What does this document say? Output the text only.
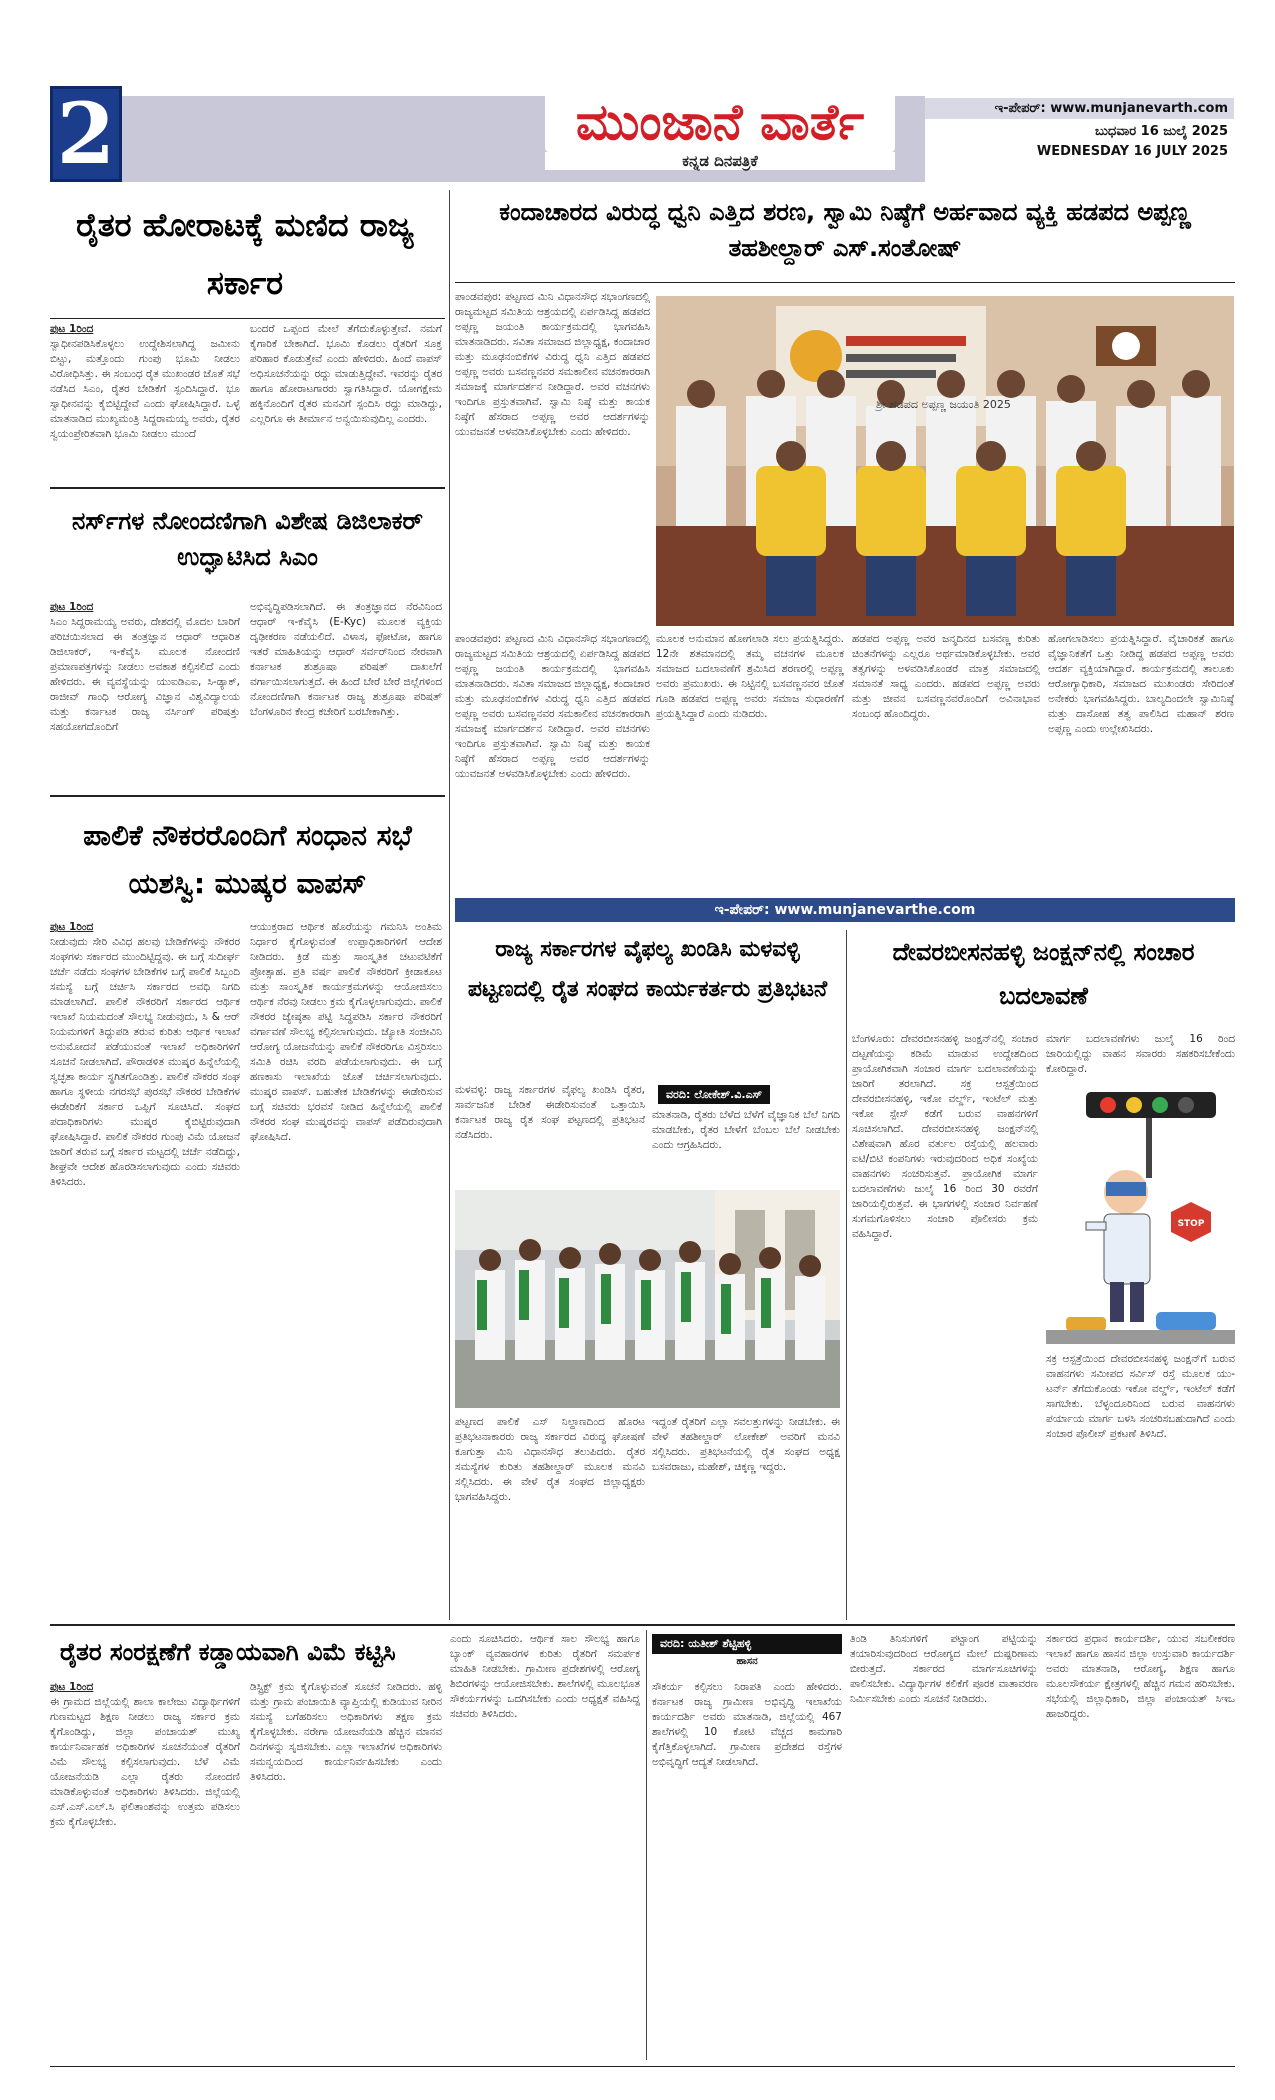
2	ಮುಂಜಾನೆ ವಾರ್ತೆ
ಕನ್ನಡ ದಿನಪತ್ರಿಕೆ
ಇ-ಪೇಪರ್: www.munjanevarth.com
ಬುಧವಾರ 16 ಜುಲೈ 2025
WEDNESDAY 16 JULY 2025
ರೈತರ ಹೋರಾಟಕ್ಕೆ ಮಣಿದ ರಾಜ್ಯ ಸರ್ಕಾರ
ಪುಟ 1ರಿಂದ
ಸ್ವಾಧೀನಪಡಿಸಿಕೊಳ್ಳಲು ಉದ್ದೇಶಿಸಲಾಗಿದ್ದ ಜಮೀನು ಬಿಟ್ಟು, ಮತ್ತೊಂದು ಗುಂಪು ಭೂಮಿ ನೀಡಲು ವಿರೋಧಿಸಿತ್ತು. ಈ ಸಂಬಂಧ ರೈತ ಮುಖಂಡರ ಜೊತೆ ಸಭೆ ನಡೆಸಿದ ಸಿಎಂ, ರೈತರ ಬೇಡಿಕೆಗೆ ಸ್ಪಂದಿಸಿದ್ದಾರೆ. ಭೂ ಸ್ವಾಧೀನವನ್ನು ಕೈಬಿಟ್ಟಿದ್ದೇವೆ ಎಂದು ಘೋಷಿಸಿದ್ದಾರೆ. ಒಳ್ಳೆ ಮಾತನಾಡಿದ ಮುಖ್ಯಮಂತ್ರಿ ಸಿದ್ದರಾಮಯ್ಯ ಅವರು, ರೈತರ ಸ್ವಯಂಪ್ರೇರಿತವಾಗಿ ಭೂಮಿ ನೀಡಲು ಮುಂದೆ
ಬಂದರೆ ಒಪ್ಪಂದ ಮೇಲೆ ತೆಗೆದುಕೊಳ್ಳುತ್ತೇವೆ. ನಮಗೆ ಕೈಗಾರಿಕೆ ಬೇಕಾಗಿದೆ. ಭೂಮಿ ಕೊಡಲು ರೈತರಿಗೆ ಸೂಕ್ತ ಪರಿಹಾರ ಕೊಡುತ್ತೇವೆ ಎಂದು ಹೇಳಿದರು. ಹಿಂದೆ ವಾಪಸ್ ಅಧಿಸೂಚನೆಯನ್ನು ರದ್ದು ಮಾಡುತ್ತಿದ್ದೇವೆ. ಇವರನ್ನು ರೈತರ ಹಾಗೂ ಹೋರಾಟಗಾರರು ಸ್ವಾಗತಿಸಿದ್ದಾರೆ. ಯೋಗಕ್ಷೇಮ ಹಕ್ಕಿನೊಂದಿಗೆ ರೈತರ ಮನವಿಗೆ ಸ್ಪಂದಿಸಿ ರದ್ದು ಮಾಡಿದ್ದು, ಎಲ್ಲರಿಗೂ ಈ ತೀರ್ಮಾನ ಅನ್ವಯಿಸುವುದಿಲ್ಲ ಎಂದರು.
ನರ್ಸ್‌ಗಳ ನೋಂದಣಿಗಾಗಿ ವಿಶೇಷ ಡಿಜಿಲಾಕರ್ ಉದ್ಘಾಟಿಸಿದ ಸಿಎಂ
ಪುಟ 1ರಿಂದ
ಸಿಎಂ ಸಿದ್ದರಾಮಯ್ಯ ಅವರು, ದೇಶದಲ್ಲಿ ಮೊದಲ ಬಾರಿಗೆ ಪರಿಚಯಿಸಲಾದ ಈ ತಂತ್ರಜ್ಞಾನ ಆಧಾರ್ ಆಧಾರಿತ ಡಿಜಿಲಾಕರ್, ಇ-ಕೆವೈಸಿ ಮೂಲಕ ನೋಂದಣಿ ಪ್ರಮಾಣಪತ್ರಗಳನ್ನು ನೀಡಲು ಅವಕಾಶ ಕಲ್ಪಿಸಲಿದೆ ಎಂದು ಹೇಳಿದರು. ಈ ವ್ಯವಸ್ಥೆಯನ್ನು ಯುಐಡಿಎಐ, ಸಿ-ಡ್ಯಾಕ್, ರಾಜೀವ್ ಗಾಂಧಿ ಆರೋಗ್ಯ ವಿಜ್ಞಾನ ವಿಶ್ವವಿದ್ಯಾಲಯ ಮತ್ತು ಕರ್ನಾಟಕ ರಾಜ್ಯ ನರ್ಸಿಂಗ್ ಪರಿಷತ್ತು ಸಹಯೋಗದೊಂದಿಗೆ
ಅಭಿವೃದ್ಧಿಪಡಿಸಲಾಗಿದೆ. ಈ ತಂತ್ರಜ್ಞಾನದ ನೆರವಿನಿಂದ ಆಧಾರ್ ಇ-ಕೆವೈಸಿ (E-Kyc) ಮೂಲಕ ವ್ಯಕ್ತಿಯ ದೃಢೀಕರಣ ನಡೆಯಲಿದೆ. ವಿಳಾಸ, ಫೋಟೋ, ಹಾಗೂ ಇತರೆ ಮಾಹಿತಿಯನ್ನು ಆಧಾರ್ ಸರ್ವರ್‌ನಿಂದ ನೇರವಾಗಿ ಕರ್ನಾಟಕ ಶುಶ್ರೂಷಾ ಪರಿಷತ್ ದಾಖಲೆಗೆ ವರ್ಗಾಯಿಸಲಾಗುತ್ತದೆ. ಈ ಹಿಂದೆ ಬೇರೆ ಬೇರೆ ಜಿಲ್ಲೆಗಳಿಂದ ನೋಂದಣಿಗಾಗಿ ಕರ್ನಾಟಕ ರಾಜ್ಯ ಶುಶ್ರೂಷಾ ಪರಿಷತ್ ಬೆಂಗಳೂರಿನ ಕೇಂದ್ರ ಕಚೇರಿಗೆ ಬರಬೇಕಾಗಿತ್ತು.
ಪಾಲಿಕೆ ನೌಕರರೊಂದಿಗೆ ಸಂಧಾನ ಸಭೆ ಯಶಸ್ವಿ: ಮುಷ್ಕರ ವಾಪಸ್
ಪುಟ 1ರಿಂದ
ನೀಡುವುದು ಸೇರಿ ವಿವಿಧ ಹಲವು ಬೇಡಿಕೆಗಳನ್ನು ನೌಕರರ ಸಂಘಗಳು ಸರ್ಕಾರದ ಮುಂದಿಟ್ಟಿದ್ದವು. ಈ ಬಗ್ಗೆ ಸುದೀರ್ಘ ಚರ್ಚೆ ನಡೆದು ಸಂಘಗಳ ಬೇಡಿಕೆಗಳ ಬಗ್ಗೆ ಪಾಲಿಕೆ ಸಿಬ್ಬಂದಿ ಸಮಸ್ಯೆ ಬಗ್ಗೆ ಚರ್ಚಿಸಿ ಸರ್ಕಾರದ ಅವಧಿ ನಿಗದಿ ಮಾಡಲಾಗಿದೆ. ಪಾಲಿಕೆ ನೌಕರರಿಗೆ ಸರ್ಕಾರದ ಆರ್ಥಿಕ ಇಲಾಖೆ ನಿಯಮದಂತೆ ಸೌಲಭ್ಯ ನೀಡುವುದು, ಸಿ & ಆರ್ ನಿಯಮಗಳಿಗೆ ತಿದ್ದುಪಡಿ ತರುವ ಕುರಿತು ಆರ್ಥಿಕ ಇಲಾಖೆ ಅನುಮೋದನೆ ಪಡೆಯುವಂತೆ ಇಲಾಖೆ ಅಧಿಕಾರಿಗಳಿಗೆ ಸೂಚನೆ ನೀಡಲಾಗಿದೆ. ಪೌರಾಡಳಿತ ಮುಷ್ಕರ ಹಿನ್ನೆಲೆಯಲ್ಲಿ ಸ್ವಚ್ಛತಾ ಕಾರ್ಯ ಸ್ಥಗಿತಗೊಂಡಿತ್ತು. ಪಾಲಿಕೆ ನೌಕರರ ಸಂಘ ಹಾಗೂ ಸ್ಥಳೀಯ ನಗರಸಭೆ ಪುರಸಭೆ ನೌಕರರ ಬೇಡಿಕೆಗಳ ಈಡೇರಿಕೆಗೆ ಸರ್ಕಾರ ಒಪ್ಪಿಗೆ ಸೂಚಿಸಿದೆ. ಸಂಘದ ಪದಾಧಿಕಾರಿಗಳು ಮುಷ್ಕರ ಕೈಬಿಟ್ಟಿರುವುದಾಗಿ ಘೋಷಿಸಿದ್ದಾರೆ. ಪಾಲಿಕೆ ನೌಕರರ ಗುಂಪು ವಿಮೆ ಯೋಜನೆ ಜಾರಿಗೆ ತರುವ ಬಗ್ಗೆ ಸರ್ಕಾರ ಮಟ್ಟದಲ್ಲಿ ಚರ್ಚೆ ನಡೆದಿದ್ದು, ಶೀಘ್ರವೇ ಆದೇಶ ಹೊರಡಿಸಲಾಗುವುದು ಎಂದು ಸಚಿವರು ತಿಳಿಸಿದರು.
ಆಯುಕ್ತರಾದ ಆರ್ಥಿಕ ಹೊರೆಯನ್ನು ಗಮನಿಸಿ ಅಂತಿಮ ನಿರ್ಧಾರ ಕೈಗೊಳ್ಳುವಂತೆ ಉಪ್ಪಾಧಿಕಾರಿಗಳಿಗೆ ಆದೇಶ ನೀಡಿದರು. ಕ್ರಿಡೆ ಮತ್ತು ಸಾಂಸ್ಕೃತಿಕ ಚಟುವಟಿಕೆಗೆ ಪ್ರೋತ್ಸಾಹ. ಪ್ರತಿ ವರ್ಷ ಪಾಲಿಕೆ ನೌಕರರಿಗೆ ಕ್ರೀಡಾಕೂಟ ಮತ್ತು ಸಾಂಸ್ಕೃತಿಕ ಕಾರ್ಯಕ್ರಮಗಳನ್ನು ಆಯೋಜಿಸಲು ಆರ್ಥಿಕ ನೆರವು ನೀಡಲು ಕ್ರಮ ಕೈಗೊಳ್ಳಲಾಗುವುದು. ಪಾಲಿಕೆ ನೌಕರರ ಜ್ಯೇಷ್ಠತಾ ಪಟ್ಟಿ ಸಿದ್ಧಪಡಿಸಿ ಸರ್ಕಾರ ನೌಕರರಿಗೆ ವರ್ಗಾವಣೆ ಸೌಲಭ್ಯ ಕಲ್ಪಿಸಲಾಗುವುದು. ಜ್ಯೋತಿ ಸಂಜೀವಿನಿ ಆರೋಗ್ಯ ಯೋಜನೆಯನ್ನು ಪಾಲಿಕೆ ನೌಕರರಿಗೂ ವಿಸ್ತರಿಸಲು ಸಮಿತಿ ರಚಿಸಿ ವರದಿ ಪಡೆಯಲಾಗುವುದು. ಈ ಬಗ್ಗೆ ಹಣಕಾಸು ಇಲಾಖೆಯ ಜೊತೆ ಚರ್ಚಿಸಲಾಗುವುದು. ಮುಷ್ಕರ ವಾಪಸ್. ಬಹುತೇಕ ಬೇಡಿಕೆಗಳನ್ನು ಈಡೇರಿಸುವ ಬಗ್ಗೆ ಸಚಿವರು ಭರವಸೆ ನೀಡಿದ ಹಿನ್ನೆಲೆಯಲ್ಲಿ ಪಾಲಿಕೆ ನೌಕರರ ಸಂಘ ಮುಷ್ಕರವನ್ನು ವಾಪಸ್ ಪಡೆದಿರುವುದಾಗಿ ಘೋಷಿಸಿದೆ.
ಕಂದಾಚಾರದ ವಿರುದ್ಧ ಧ್ವನಿ ಎತ್ತಿದ ಶರಣ, ಸ್ವಾಮಿ ನಿಷ್ಠೆಗೆ ಅರ್ಹವಾದ ವ್ಯಕ್ತಿ ಹಡಪದ ಅಪ್ಪಣ್ಣ ತಹಶೀಲ್ದಾರ್ ಎಸ್.ಸಂತೋಷ್
ಪಾಂಡವಪುರ: ಪಟ್ಟಣದ ಮಿನಿ ವಿಧಾನಸೌಧ ಸಭಾಂಗಣದಲ್ಲಿ ರಾಜ್ಯಮಟ್ಟದ ಸಮಿತಿಯ ಆಶ್ರಯದಲ್ಲಿ ಏರ್ಪಡಿಸಿದ್ದ ಹಡಪದ ಅಪ್ಪಣ್ಣ ಜಯಂತಿ ಕಾರ್ಯಕ್ರಮದಲ್ಲಿ ಭಾಗವಹಿಸಿ ಮಾತನಾಡಿದರು. ಸವಿತಾ ಸಮಾಜದ ಜಿಲ್ಲಾಧ್ಯಕ್ಷ, ಕಂದಾಚಾರ ಮತ್ತು ಮೂಢನಂಬಿಕೆಗಳ ವಿರುದ್ಧ ಧ್ವನಿ ಎತ್ತಿದ ಹಡಪದ ಅಪ್ಪಣ್ಣ ಅವರು ಬಸವಣ್ಣನವರ ಸಮಕಾಲೀನ ವಚನಕಾರರಾಗಿ ಸಮಾಜಕ್ಕೆ ಮಾರ್ಗದರ್ಶನ ನೀಡಿದ್ದಾರೆ. ಅವರ ವಚನಗಳು ಇಂದಿಗೂ ಪ್ರಸ್ತುತವಾಗಿವೆ. ಸ್ವಾಮಿ ನಿಷ್ಠೆ ಮತ್ತು ಕಾಯಕ ನಿಷ್ಠೆಗೆ ಹೆಸರಾದ ಅಪ್ಪಣ್ಣ ಅವರ ಆದರ್ಶಗಳನ್ನು ಯುವಜನತೆ ಅಳವಡಿಸಿಕೊಳ್ಳಬೇಕು ಎಂದು ಹೇಳಿದರು.
ಶ್ರೀ ಹಡಪದ ಅಪ್ಪಣ್ಣ ಜಯಂತಿ 2025
ಮೂಲಕ ಅನುಮಾನ ಹೋಗಲಾಡಿ ಸಲು ಪ್ರಯತ್ನಿಸಿದ್ದರು. 12ನೇ ಶತಮಾನದಲ್ಲಿ ತಮ್ಮ ವಚನಗಳ ಮೂಲಕ ಸಮಾಜದ ಬದಲಾವಣೆಗೆ ಶ್ರಮಿಸಿದ ಶರಣರಲ್ಲಿ ಅಪ್ಪಣ್ಣ ಅವರು ಪ್ರಮುಖರು. ಈ ನಿಟ್ಟಿನಲ್ಲಿ ಬಸವಣ್ಣನವರ ಜೊತೆ ಗೂಡಿ ಹಡಪದ ಅಪ್ಪಣ್ಣ ಅವರು ಸಮಾಜ ಸುಧಾರಣೆಗೆ ಪ್ರಯತ್ನಿಸಿದ್ದಾರೆ ಎಂದು ನುಡಿದರು.
ಹಡಪದ ಅಪ್ಪಣ್ಣ ಅವರ ಜನ್ಮದಿನದ ಬಸವಣ್ಣ ಕುರಿತು ಚಿಂತನೆಗಳನ್ನು ಎಲ್ಲರೂ ಅರ್ಥಮಾಡಿಕೊಳ್ಳಬೇಕು. ಅವರ ತತ್ವಗಳನ್ನು ಅಳವಡಿಸಿಕೊಂಡರೆ ಮಾತ್ರ ಸಮಾಜದಲ್ಲಿ ಸಮಾನತೆ ಸಾಧ್ಯ ಎಂದರು. ಹಡಪದ ಅಪ್ಪಣ್ಣ ಅವರು ಮತ್ತು ಜೀವನ ಬಸವಣ್ಣನವರೊಂದಿಗೆ ಅವಿನಾಭಾವ ಸಂಬಂಧ ಹೊಂದಿದ್ದರು.
ಹೋಗಲಾಡಿಸಲು ಪ್ರಯತ್ನಿಸಿದ್ದಾರೆ. ವೈಚಾರಿಕತೆ ಹಾಗೂ ವೈಜ್ಞಾನಿಕತೆಗೆ ಒತ್ತು ನೀಡಿದ್ದ ಹಡಪದ ಅಪ್ಪಣ್ಣ ಅವರು ಆದರ್ಶ ವ್ಯಕ್ತಿಯಾಗಿದ್ದಾರೆ. ಕಾರ್ಯಕ್ರಮದಲ್ಲಿ ತಾಲೂಕು ಆರೋಗ್ಯಾಧಿಕಾರಿ, ಸಮಾಜದ ಮುಖಂಡರು ಸೇರಿದಂತೆ ಅನೇಕರು ಭಾಗವಹಿಸಿದ್ದರು. ಬಾಲ್ಯದಿಂದಲೇ ಸ್ವಾಮಿನಿಷ್ಠೆ ಮತ್ತು ದಾಸೋಹ ತತ್ವ ಪಾಲಿಸಿದ ಮಹಾನ್ ಶರಣ ಅಪ್ಪಣ್ಣ ಎಂದು ಉಲ್ಲೇಖಿಸಿದರು.
ಪಾಂಡವಪುರ: ಪಟ್ಟಣದ ಮಿನಿ ವಿಧಾನಸೌಧ ಸಭಾಂಗಣದಲ್ಲಿ ರಾಜ್ಯಮಟ್ಟದ ಸಮಿತಿಯ ಆಶ್ರಯದಲ್ಲಿ ಏರ್ಪಡಿಸಿದ್ದ ಹಡಪದ ಅಪ್ಪಣ್ಣ ಜಯಂತಿ ಕಾರ್ಯಕ್ರಮದಲ್ಲಿ ಭಾಗವಹಿಸಿ ಮಾತನಾಡಿದರು. ಸವಿತಾ ಸಮಾಜದ ಜಿಲ್ಲಾಧ್ಯಕ್ಷ, ಕಂದಾಚಾರ ಮತ್ತು ಮೂಢನಂಬಿಕೆಗಳ ವಿರುದ್ಧ ಧ್ವನಿ ಎತ್ತಿದ ಹಡಪದ ಅಪ್ಪಣ್ಣ ಅವರು ಬಸವಣ್ಣನವರ ಸಮಕಾಲೀನ ವಚನಕಾರರಾಗಿ ಸಮಾಜಕ್ಕೆ ಮಾರ್ಗದರ್ಶನ ನೀಡಿದ್ದಾರೆ. ಅವರ ವಚನಗಳು ಇಂದಿಗೂ ಪ್ರಸ್ತುತವಾಗಿವೆ. ಸ್ವಾಮಿ ನಿಷ್ಠೆ ಮತ್ತು ಕಾಯಕ ನಿಷ್ಠೆಗೆ ಹೆಸರಾದ ಅಪ್ಪಣ್ಣ ಅವರ ಆದರ್ಶಗಳನ್ನು ಯುವಜನತೆ ಅಳವಡಿಸಿಕೊಳ್ಳಬೇಕು ಎಂದು ಹೇಳಿದರು.
ಇ-ಪೇಪರ್: www.munjanevarthe.com
ರಾಜ್ಯ ಸರ್ಕಾರಗಳ ವೈಫಲ್ಯ ಖಂಡಿಸಿ ಮಳವಳ್ಳಿ ಪಟ್ಟಣದಲ್ಲಿ ರೈತ ಸಂಘದ ಕಾರ್ಯಕರ್ತರು ಪ್ರತಿಭಟನೆ
ವರದಿ: ಲೋಕೇಶ್.ವಿ.ಎಸ್
ಮಳವಳ್ಳಿ: ರಾಜ್ಯ ಸರ್ಕಾರಗಳ ವೈಫಲ್ಯ ಖಂಡಿಸಿ ರೈತರ, ಸಾರ್ವಜನಿಕ ಬೇಡಿಕೆ ಈಡೇರಿಸುವಂತೆ ಒತ್ತಾಯಿಸಿ ಕರ್ನಾಟಕ ರಾಜ್ಯ ರೈತ ಸಂಘ ಪಟ್ಟಣದಲ್ಲಿ ಪ್ರತಿಭಟನೆ ನಡೆಸಿದರು.
ಮಾತನಾಡಿ, ರೈತರು ಬೆಳೆದ ಬೆಳೆಗೆ ವೈಜ್ಞಾನಿಕ ಬೆಲೆ ನಿಗದಿ ಮಾಡಬೇಕು, ರೈತರ ಬೇಳೆಗೆ ಬೆಂಬಲ ಬೆಲೆ ನೀಡಬೇಕು ಎಂದು ಆಗ್ರಹಿಸಿದರು.
ಪಟ್ಟಣದ ಪಾಲಿಕೆ ಎಸ್ ನಿಲ್ದಾಣದಿಂದ ಹೊರಟ ಪ್ರತಿಭಟನಾಕಾರರು ರಾಜ್ಯ ಸರ್ಕಾರದ ವಿರುದ್ಧ ಘೋಷಣೆ ಕೂಗುತ್ತಾ ಮಿನಿ ವಿಧಾನಸೌಧ ತಲುಪಿದರು. ರೈತರ ಸಮಸ್ಯೆಗಳ ಕುರಿತು ತಹಶೀಲ್ದಾರ್ ಮೂಲಕ ಮನವಿ ಸಲ್ಲಿಸಿದರು. ಈ ವೇಳೆ ರೈತ ಸಂಘದ ಜಿಲ್ಲಾಧ್ಯಕ್ಷರು ಭಾಗವಹಿಸಿದ್ದರು.
ಇದ್ದಂತೆ ರೈತರಿಗೆ ಎಲ್ಲಾ ಸವಲತ್ತುಗಳನ್ನು ನೀಡಬೇಕು. ಈ ವೇಳೆ ತಹಶೀಲ್ದಾರ್ ಲೋಕೇಶ್ ಅವರಿಗೆ ಮನವಿ ಸಲ್ಲಿಸಿದರು. ಪ್ರತಿಭಟನೆಯಲ್ಲಿ ರೈತ ಸಂಘದ ಅಧ್ಯಕ್ಷ ಬಸವರಾಜು, ಮಹೇಶ್, ಚಿಕ್ಕಣ್ಣ ಇದ್ದರು.
ದೇವರಬೀಸನಹಳ್ಳಿ ಜಂಕ್ಷನ್‌ನಲ್ಲಿ ಸಂಚಾರ ಬದಲಾವಣೆ
ಬೆಂಗಳೂರು: ದೇವರಬೀಸನಹಳ್ಳಿ ಜಂಕ್ಷನ್‌ನಲ್ಲಿ ಸಂಚಾರ ದಟ್ಟಣೆಯನ್ನು ಕಡಿಮೆ ಮಾಡುವ ಉದ್ದೇಶದಿಂದ ಪ್ರಾಯೋಗಿಕವಾಗಿ ಸಂಚಾರ ಮಾರ್ಗ ಬದಲಾವಣೆಯನ್ನು ಜಾರಿಗೆ ತರಲಾಗಿದೆ. ಸಕ್ರ ಆಸ್ಪತ್ರೆಯಿಂದ ದೇವರಬೀಸನಹಳ್ಳಿ, ಇಕೋ ವರ್ಲ್ಡ್, ಇಂಟೆಲ್ ಮತ್ತು ಇಕೋ ಸ್ಪೇಸ್ ಕಡೆಗೆ ಬರುವ ವಾಹನಗಳಿಗೆ ಸೂಚಿಸಲಾಗಿದೆ. ದೇವರಬೀಸನಹಳ್ಳಿ ಜಂಕ್ಷನ್‌ನಲ್ಲಿ ವಿಶೇಷವಾಗಿ ಹೊರ ವರ್ತುಲ ರಸ್ತೆಯಲ್ಲಿ ಹಲವಾರು ಐಟಿ/ಬಿಟಿ ಕಂಪನಿಗಳು ಇರುವುದರಿಂದ ಅಧಿಕ ಸಂಖ್ಯೆಯ ವಾಹನಗಳು ಸಂಚರಿಸುತ್ತವೆ. ಪ್ರಾಯೋಗಿಕ ಮಾರ್ಗ ಬದಲಾವಣೆಗಳು ಜುಲೈ 16 ರಿಂದ 30 ರವರೆಗೆ ಜಾರಿಯಲ್ಲಿರುತ್ತವೆ. ಈ ಭಾಗಗಳಲ್ಲಿ ಸಂಚಾರ ನಿರ್ವಹಣೆ ಸುಗಮಗೊಳಿಸಲು ಸಂಚಾರಿ ಪೊಲೀಸರು ಕ್ರಮ ವಹಿಸಿದ್ದಾರೆ.
ಮಾರ್ಗ ಬದಲಾವಣೆಗಳು ಜುಲೈ 16 ರಿಂದ ಜಾರಿಯಲ್ಲಿದ್ದು ವಾಹನ ಸವಾರರು ಸಹಕರಿಸಬೇಕೆಂದು ಕೋರಿದ್ದಾರೆ.
STOP
ಸಕ್ರ ಆಸ್ಪತ್ರೆಯಿಂದ ದೇವರಬೀಸನಹಳ್ಳಿ ಜಂಕ್ಷನ್‌ಗೆ ಬರುವ ವಾಹನಗಳು ಸಮೀಪದ ಸರ್ವಿಸ್ ರಸ್ತೆ ಮೂಲಕ ಯು-ಟರ್ನ್ ತೆಗೆದುಕೊಂಡು ಇಕೋ ವರ್ಲ್ಡ್, ಇಂಟೆಲ್ ಕಡೆಗೆ ಸಾಗಬೇಕು. ಬೆಳ್ಳಂದೂರಿನಿಂದ ಬರುವ ವಾಹನಗಳು ಪರ್ಯಾಯ ಮಾರ್ಗ ಬಳಸಿ ಸಂಚರಿಸಬಹುದಾಗಿದೆ ಎಂದು ಸಂಚಾರ ಪೊಲೀಸ್ ಪ್ರಕಟಣೆ ತಿಳಿಸಿದೆ.
ರೈತರ ಸಂರಕ್ಷಣೆಗೆ ಕಡ್ಡಾಯವಾಗಿ ವಿಮೆ ಕಟ್ಟಿಸಿ
ಪುಟ 1ರಿಂದ
ಈ ಗ್ರಾಮದ ಜಿಲ್ಲೆಯಲ್ಲಿ ಶಾಲಾ ಕಾಲೇಜು ವಿದ್ಯಾರ್ಥಿಗಳಿಗೆ ಗುಣಮಟ್ಟದ ಶಿಕ್ಷಣ ನೀಡಲು ರಾಜ್ಯ ಸರ್ಕಾರ ಕ್ರಮ ಕೈಗೊಂಡಿದ್ದು, ಜಿಲ್ಲಾ ಪಂಚಾಯತ್ ಮುಖ್ಯ ಕಾರ್ಯನಿರ್ವಾಹಕ ಅಧಿಕಾರಿಗಳ ಸೂಚನೆಯಂತೆ ರೈತರಿಗೆ ವಿಮೆ ಸೌಲಭ್ಯ ಕಲ್ಪಿಸಲಾಗುವುದು. ಬೆಳೆ ವಿಮೆ ಯೋಜನೆಯಡಿ ಎಲ್ಲಾ ರೈತರು ನೋಂದಣಿ ಮಾಡಿಕೊಳ್ಳುವಂತೆ ಅಧಿಕಾರಿಗಳು ತಿಳಿಸಿದರು. ಜಿಲ್ಲೆಯಲ್ಲಿ ಎಸ್.ಎಸ್.ಎಲ್.ಸಿ ಫಲಿತಾಂಶವನ್ನು ಉತ್ತಮ ಪಡಿಸಲು ಕ್ರಮ ಕೈಗೊಳ್ಳಬೇಕು.
ಡಿಸ್ಟ್ರಿಕ್ಟ್ ಕ್ರಮ ಕೈಗೊಳ್ಳುವಂತೆ ಸೂಚನೆ ನೀಡಿದರು. ಹಳ್ಳಿ ಮತ್ತು ಗ್ರಾಮ ಪಂಚಾಯಿತಿ ವ್ಯಾಪ್ತಿಯಲ್ಲಿ ಕುಡಿಯುವ ನೀರಿನ ಸಮಸ್ಯೆ ಬಗೆಹರಿಸಲು ಅಧಿಕಾರಿಗಳು ತಕ್ಷಣ ಕ್ರಮ ಕೈಗೊಳ್ಳಬೇಕು. ನರೇಗಾ ಯೋಜನೆಯಡಿ ಹೆಚ್ಚಿನ ಮಾನವ ದಿನಗಳನ್ನು ಸೃಜಿಸಬೇಕು. ಎಲ್ಲಾ ಇಲಾಖೆಗಳ ಅಧಿಕಾರಿಗಳು ಸಮನ್ವಯದಿಂದ ಕಾರ್ಯನಿರ್ವಹಿಸಬೇಕು ಎಂದು ತಿಳಿಸಿದರು.
ಎಂದು ಸೂಚಿಸಿದರು. ಆರ್ಥಿಕ ಸಾಲ ಸೌಲಭ್ಯ ಹಾಗೂ ಬ್ಯಾಂಕ್ ವ್ಯವಹಾರಗಳ ಕುರಿತು ರೈತರಿಗೆ ಸಮರ್ಪಕ ಮಾಹಿತಿ ನೀಡಬೇಕು. ಗ್ರಾಮೀಣ ಪ್ರದೇಶಗಳಲ್ಲಿ ಆರೋಗ್ಯ ಶಿಬಿರಗಳನ್ನು ಆಯೋಜಿಸಬೇಕು. ಶಾಲೆಗಳಲ್ಲಿ ಮೂಲಭೂತ ಸೌಕರ್ಯಗಳನ್ನು ಒದಗಿಸಬೇಕು ಎಂದು ಅಧ್ಯಕ್ಷತೆ ವಹಿಸಿದ್ದ ಸಚಿವರು ತಿಳಿಸಿದರು.
ವರದಿ: ಯತೀಶ್ ಶೆಟ್ಟಿಹಳ್ಳಿ
ಹಾಸನ
ಸೌಕರ್ಯ ಕಲ್ಪಿಸಲು ನಿರಾಪತಿ ಎಂದು ಹೇಳಿದರು. ಕರ್ನಾಟಕ ರಾಜ್ಯ ಗ್ರಾಮೀಣ ಅಭಿವೃದ್ಧಿ ಇಲಾಖೆಯ ಕಾರ್ಯದರ್ಶಿ ಅವರು ಮಾತನಾಡಿ, ಜಿಲ್ಲೆಯಲ್ಲಿ 467 ಶಾಲೆಗಳಲ್ಲಿ 10 ಕೋಟಿ ವೆಚ್ಚದ ಕಾಮಗಾರಿ ಕೈಗೆತ್ತಿಕೊಳ್ಳಲಾಗಿದೆ. ಗ್ರಾಮೀಣ ಪ್ರದೇಶದ ರಸ್ತೆಗಳ ಅಭಿವೃದ್ಧಿಗೆ ಆದ್ಯತೆ ನೀಡಲಾಗಿದೆ.
ತಿಂಡಿ ತಿನಿಸುಗಳಿಗೆ ಪಟ್ಟಾಂಗ ಪಟ್ಟಿಯನ್ನು ತಯಾರಿಸುವುದರಿಂದ ಆರೋಗ್ಯದ ಮೇಲೆ ದುಷ್ಪರಿಣಾಮ ಬೀರುತ್ತದೆ. ಸರ್ಕಾರದ ಮಾರ್ಗಸೂಚಿಗಳನ್ನು ಪಾಲಿಸಬೇಕು. ವಿದ್ಯಾರ್ಥಿಗಳ ಕಲಿಕೆಗೆ ಪೂರಕ ವಾತಾವರಣ ನಿರ್ಮಿಸಬೇಕು ಎಂದು ಸೂಚನೆ ನೀಡಿದರು.
ಸರ್ಕಾರದ ಪ್ರಧಾನ ಕಾರ್ಯದರ್ಶಿ, ಯುವ ಸಬಲೀಕರಣ ಇಲಾಖೆ ಹಾಗೂ ಹಾಸನ ಜಿಲ್ಲಾ ಉಸ್ತುವಾರಿ ಕಾರ್ಯದರ್ಶಿ ಅವರು ಮಾತನಾಡಿ, ಆರೋಗ್ಯ, ಶಿಕ್ಷಣ ಹಾಗೂ ಮೂಲಸೌಕರ್ಯ ಕ್ಷೇತ್ರಗಳಲ್ಲಿ ಹೆಚ್ಚಿನ ಗಮನ ಹರಿಸಬೇಕು. ಸಭೆಯಲ್ಲಿ ಜಿಲ್ಲಾಧಿಕಾರಿ, ಜಿಲ್ಲಾ ಪಂಚಾಯತ್ ಸಿಇಒ ಹಾಜರಿದ್ದರು.
